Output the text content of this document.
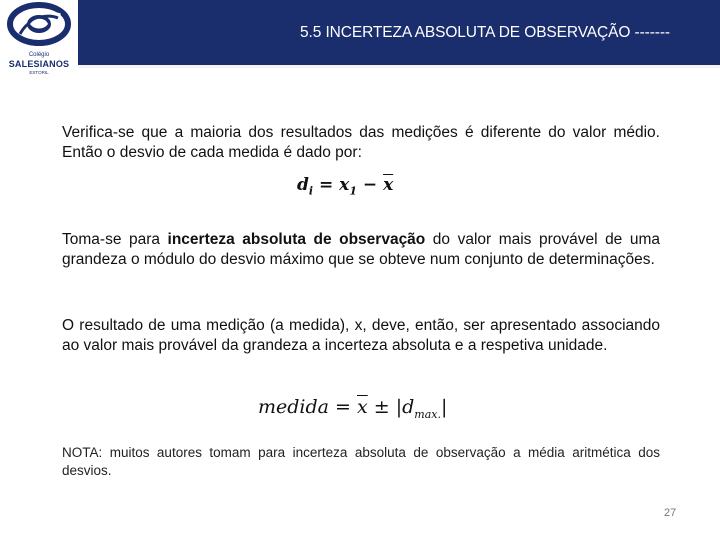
Colégio
SALESIANOS
ESTORIL
5.5 INCERTEZA ABSOLUTA DE OBSERVAÇÃO -------
Verifica-se que a maioria dos resultados das medições é diferente do valor médio. Então o desvio de cada medida é dado por:
$d_i = x_1 - \overline{x}$
Toma-se para incerteza absoluta de observação do valor mais provável de uma grandeza o módulo do desvio máximo que se obteve num conjunto de determinações.
O resultado de uma medição (a medida), x, deve, então, ser apresentado associando ao valor mais provável da grandeza a incerteza absoluta e a respetiva unidade.
medida = $\overline{x} \pm |d_{max.}|$
NOTA: muitos autores tomam para incerteza absoluta de observação a média aritmética dos desvios.
27
